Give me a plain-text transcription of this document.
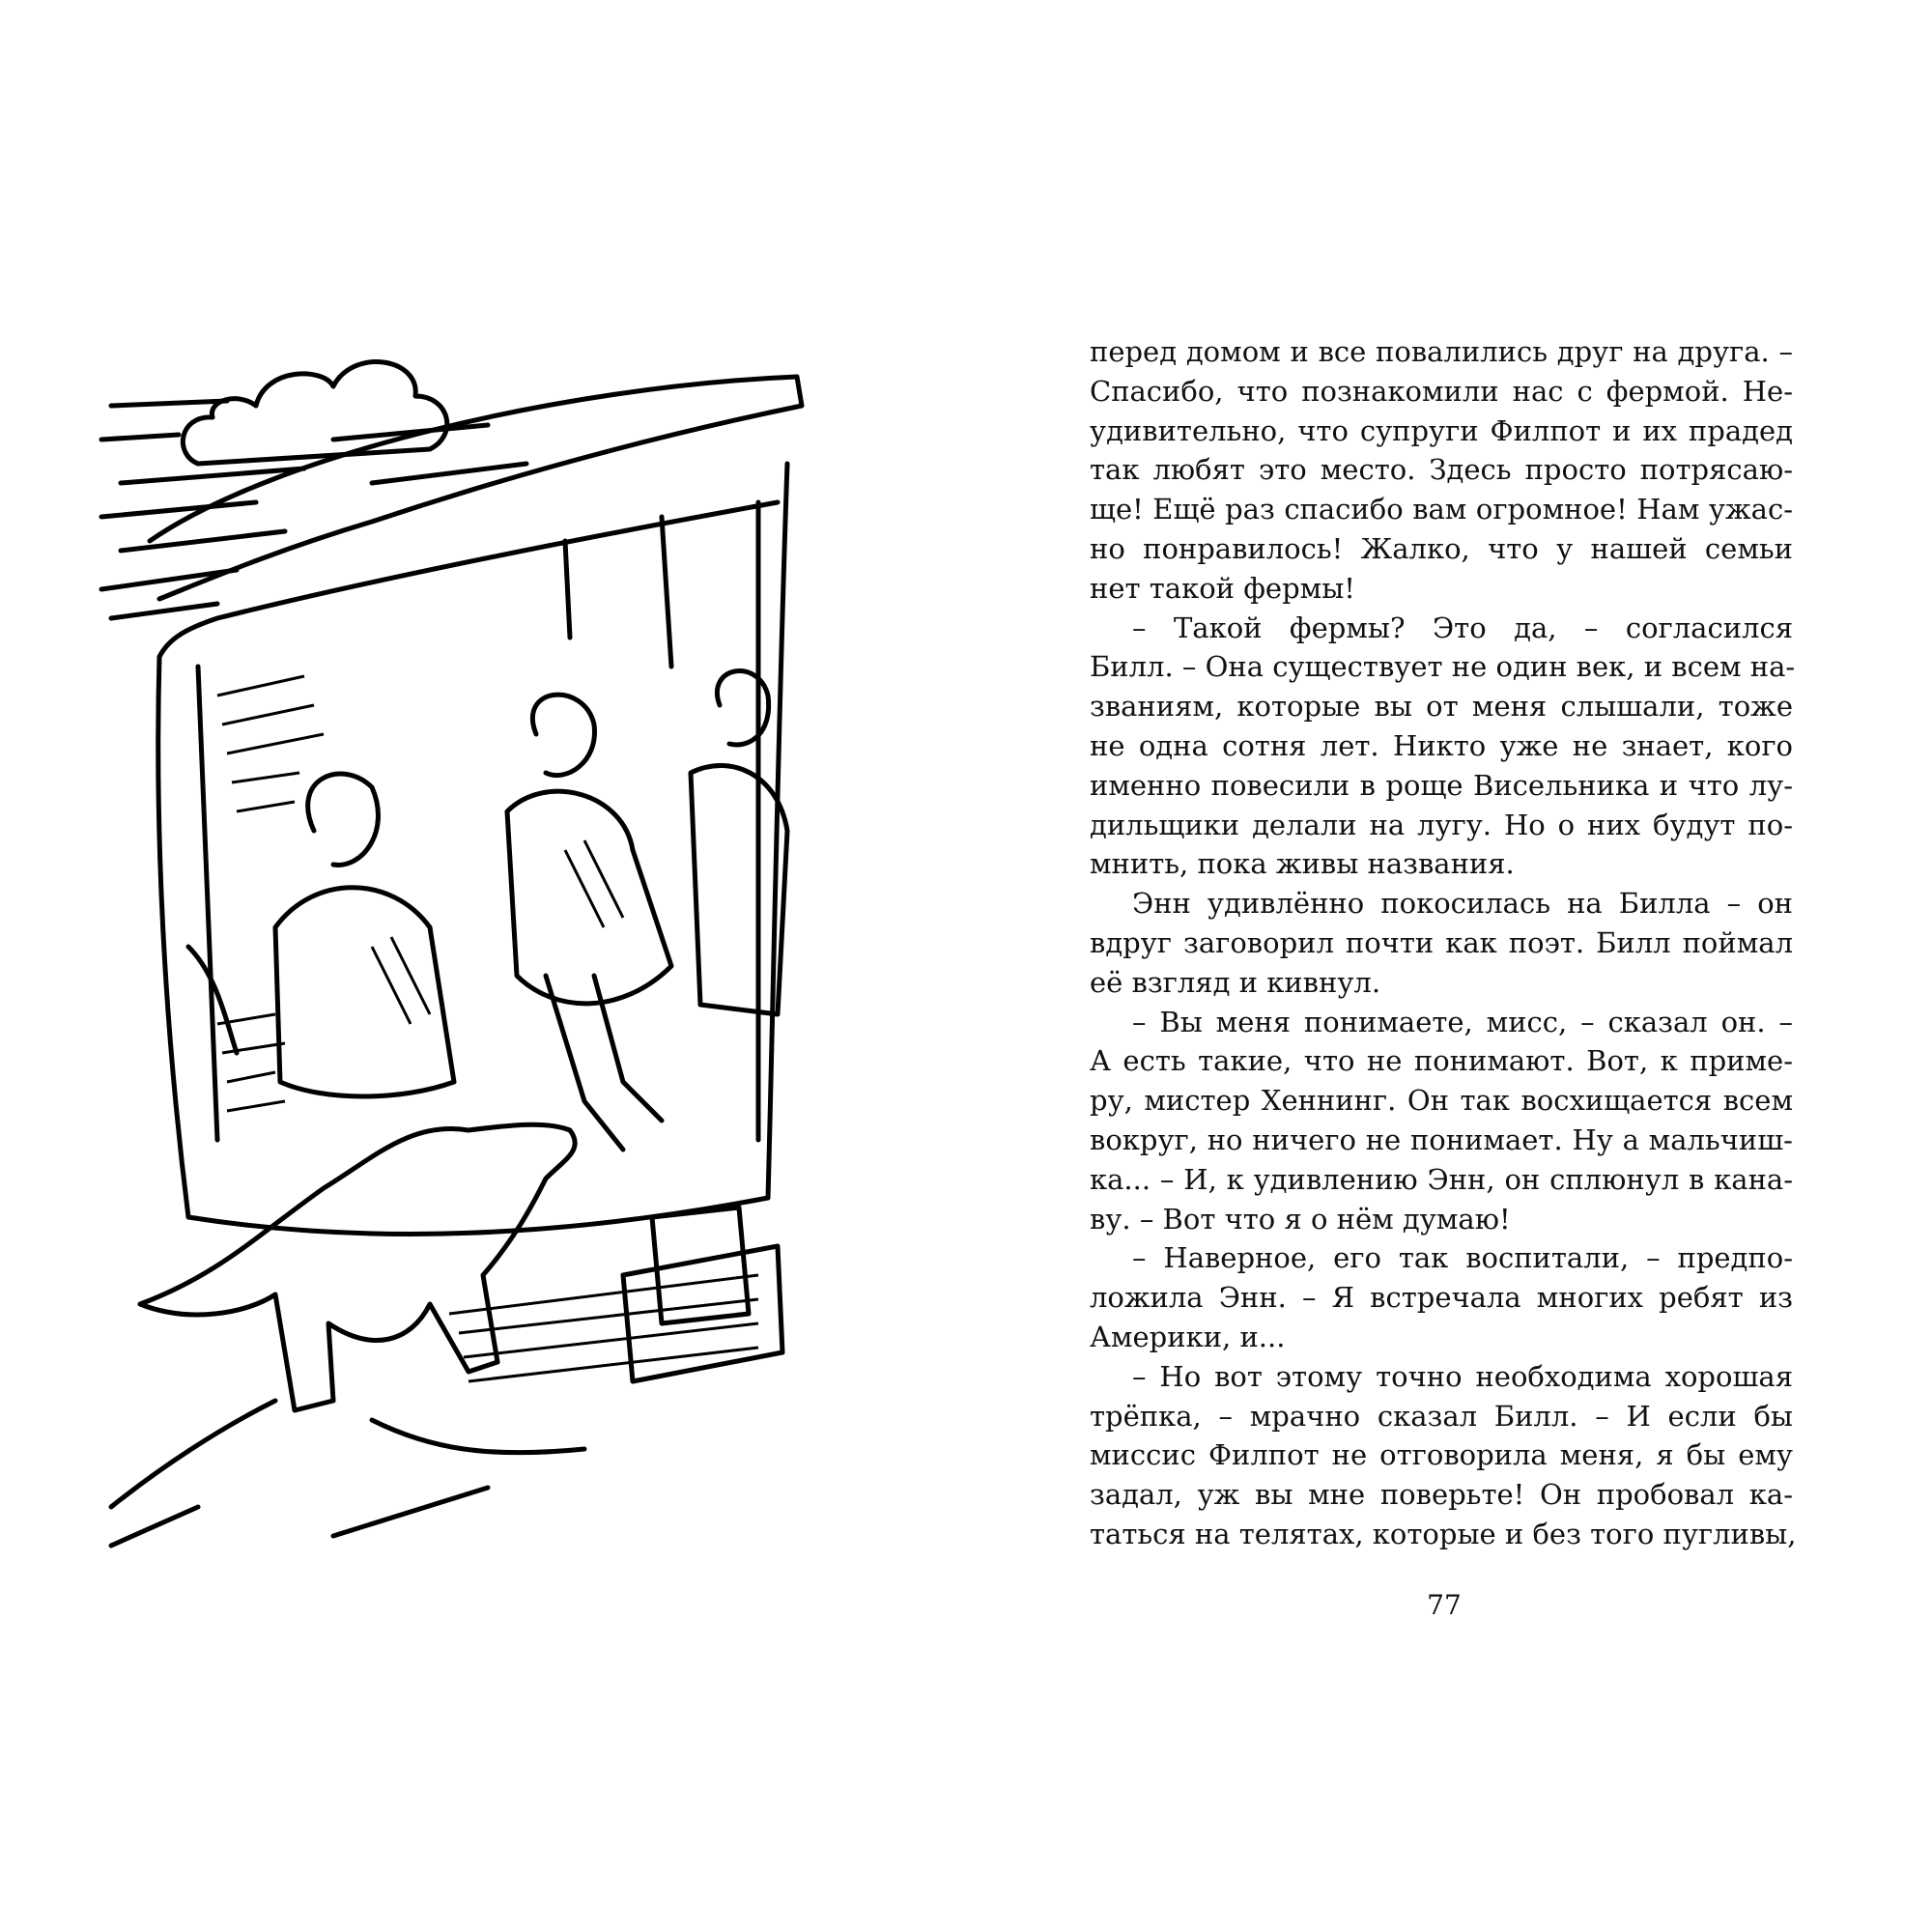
перед домом и все повалились друг на друга. –
Спасибо, что познакомили нас с фермой. Не-
удивительно, что супруги Филпот и их прадед
так любят это место. Здесь просто потрясаю-
ще! Ещё раз спасибо вам огромное! Нам ужас-
но понравилось! Жалко, что у нашей семьи
нет такой фермы!
– Такой фермы? Это да, – согласился
Билл. – Она существует не один век, и всем на-
званиям, которые вы от меня слышали, тоже
не одна сотня лет. Никто уже не знает, кого
именно повесили в роще Висельника и что лу-
дильщики делали на лугу. Но о них будут по-
мнить, пока живы названия.
Энн удивлённо покосилась на Билла – он
вдруг заговорил почти как поэт. Билл поймал
её взгляд и кивнул.
– Вы меня понимаете, мисс, – сказал он. –
А есть такие, что не понимают. Вот, к приме-
ру, мистер Хеннинг. Он так восхищается всем
вокруг, но ничего не понимает. Ну а мальчиш-
ка... – И, к удивлению Энн, он сплюнул в кана-
ву. – Вот что я о нём думаю!
– Наверное, его так воспитали, – предпо-
ложила Энн. – Я встречала многих ребят из
Америки, и...
– Но вот этому точно необходима хорошая
трёпка, – мрачно сказал Билл. – И если бы
миссис Филпот не отговорила меня, я бы ему
задал, уж вы мне поверьте! Он пробовал ка-
таться на телятах, которые и без того пугливы,
77
